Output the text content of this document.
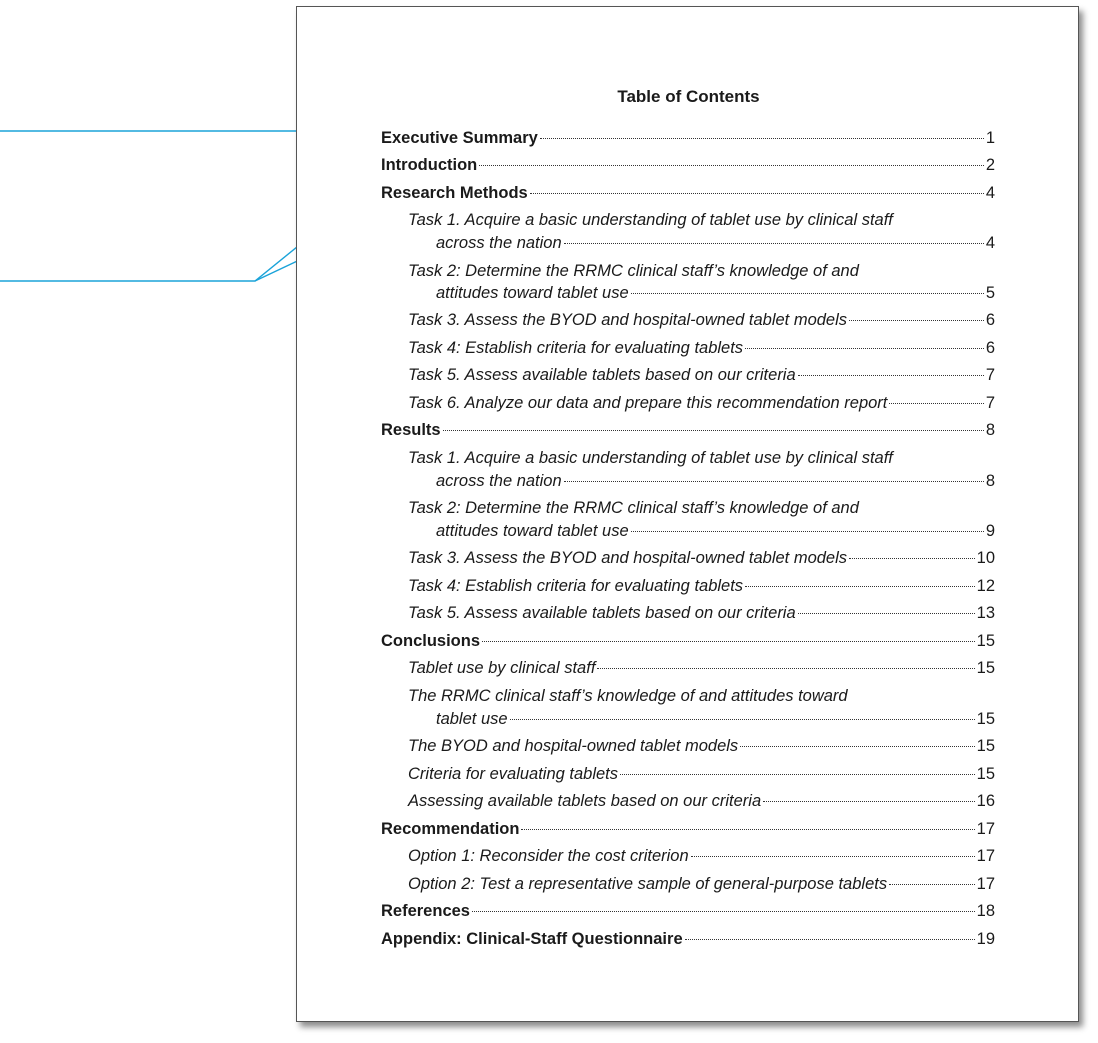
Table of Contents
Executive Summary	1
Introduction	2
Research Methods	4
Task 1. Acquire a basic understanding of tablet use by clinical staff
across the nation	4
Task 2: Determine the RRMC clinical staff’s knowledge of and
attitudes toward tablet use	5
Task 3. Assess the BYOD and hospital-owned tablet models	6
Task 4: Establish criteria for evaluating tablets	6
Task 5. Assess available tablets based on our criteria	7
Task 6. Analyze our data and prepare this recommendation report	7
Results	8
Task 1. Acquire a basic understanding of tablet use by clinical staff
across the nation	8
Task 2: Determine the RRMC clinical staff’s knowledge of and
attitudes toward tablet use	9
Task 3. Assess the BYOD and hospital-owned tablet models	10
Task 4: Establish criteria for evaluating tablets	12
Task 5. Assess available tablets based on our criteria	13
Conclusions	15
Tablet use by clinical staff	15
The RRMC clinical staff’s knowledge of and attitudes toward
tablet use	15
The BYOD and hospital-owned tablet models	15
Criteria for evaluating tablets	15
Assessing available tablets based on our criteria	16
Recommendation	17
Option 1: Reconsider the cost criterion	17
Option 2: Test a representative sample of general-purpose tablets	17
References	18
Appendix: Clinical-Staff Questionnaire	19
